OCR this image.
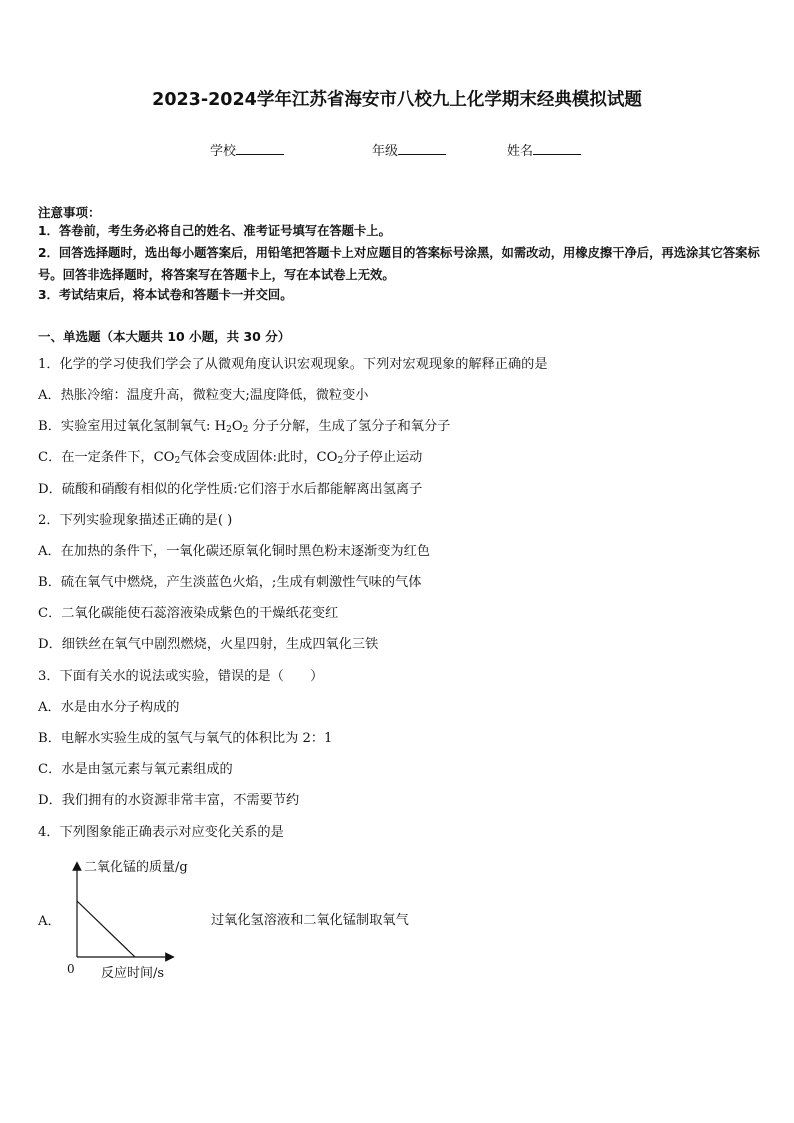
2023-2024学年江苏省海安市八校九上化学期末经典模拟试题
学校	年级	姓名
注意事项：
1．答卷前，考生务必将自己的姓名、准考证号填写在答题卡上。
2．回答选择题时，选出每小题答案后，用铅笔把答题卡上对应题目的答案标号涂黑，如需改动，用橡皮擦干净后，再选涂其它答案标号。回答非选择题时，将答案写在答题卡上，写在本试卷上无效。
3．考试结束后，将本试卷和答题卡一并交回。
一、单选题（本大题共 10 小题，共 30 分）
1．化学的学习使我们学会了从微观角度认识宏观现象。下列对宏观现象的解释正确的是
A．热胀冷缩：温度升高，微粒变大;温度降低，微粒变小
B．实验室用过氧化氢制氧气: $H_2O_2$ 分子分解，生成了氢分子和氧分子
C．在一定条件下，$CO_2$气体会变成固体:此时，$CO_2$分子停止运动
D．硫酸和硝酸有相似的化学性质:它们溶于水后都能解离出氢离子
2．下列实验现象描述正确的是( )
A．在加热的条件下，一氧化碳还原氧化铜时黑色粉末逐渐变为红色
B．硫在氧气中燃烧，产生淡蓝色火焰，;生成有刺激性气味的气体
C．二氧化碳能使石蕊溶液染成紫色的干燥纸花变红
D．细铁丝在氧气中剧烈燃烧，火星四射，生成四氧化三铁
3．下面有关水的说法或实验，错误的是（　　）
A．水是由水分子构成的
B．电解水实验生成的氢气与氧气的体积比为 2：1
C．水是由氢元素与氧元素组成的
D．我们拥有的水资源非常丰富，不需要节约
4．下列图象能正确表示对应变化关系的是
A．
二氧化锰的质量/g
0 反应时间/s
过氧化氢溶液和二氧化锰制取氧气
